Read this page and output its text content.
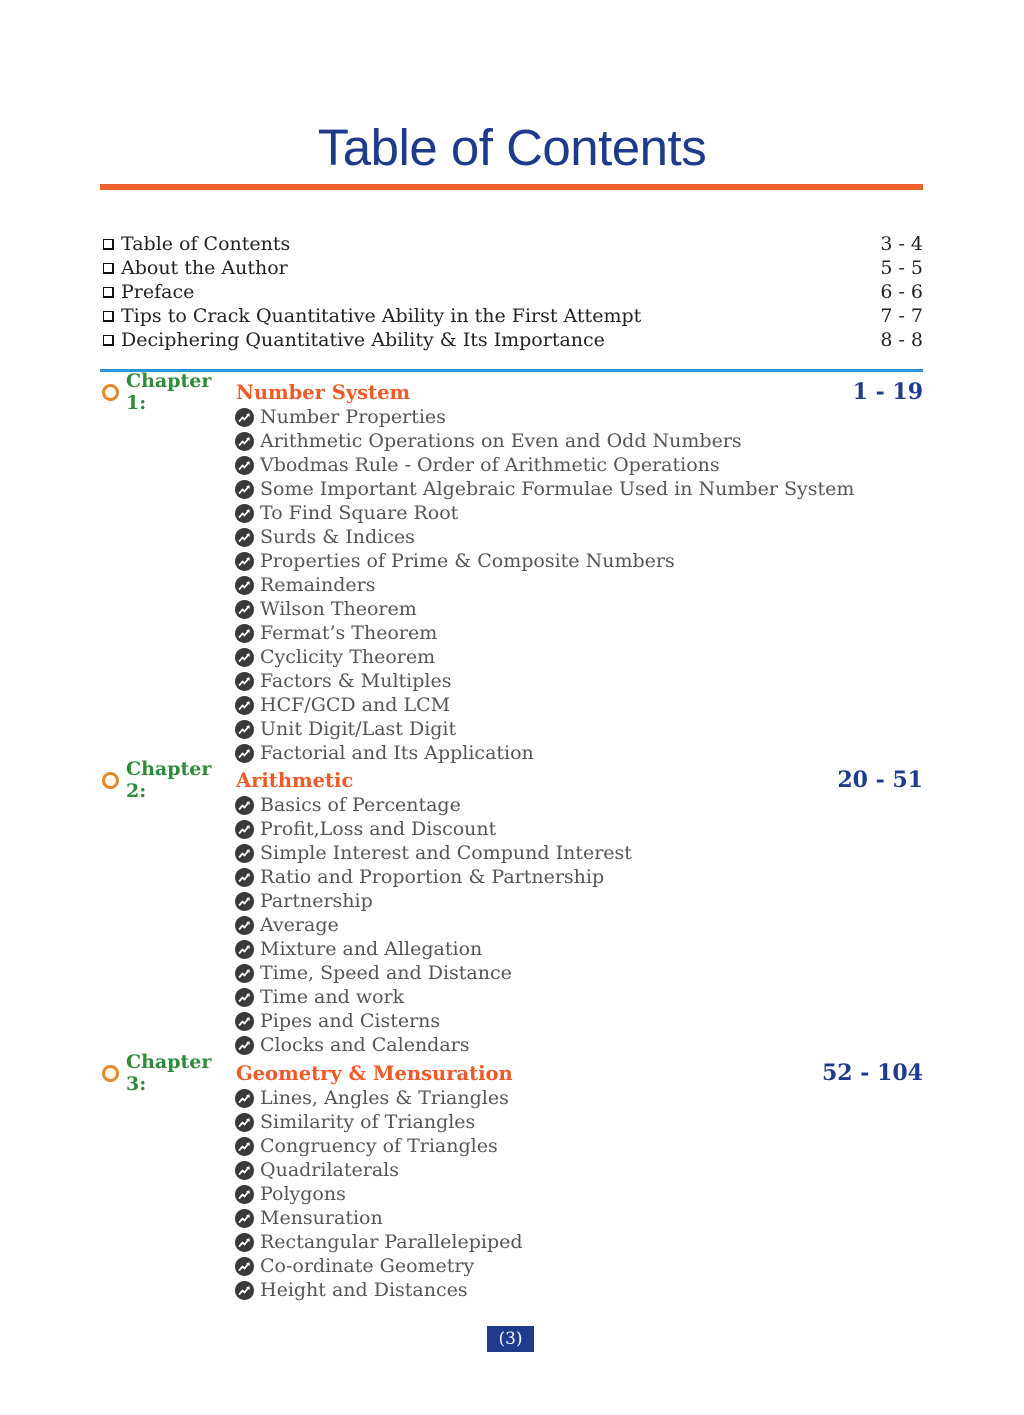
Table of Contents
Table of Contents	3 - 4
About the Author	5 - 5
Preface	6 - 6
Tips to Crack Quantitative Ability in the First Attempt	7 - 7
Deciphering Quantitative Ability & Its Importance	8 - 8
Chapter 1:	Number System	1 - 19
Number Properties
Arithmetic Operations on Even and Odd Numbers
Vbodmas Rule - Order of Arithmetic Operations
Some Important Algebraic Formulae Used in Number System
To Find Square Root
Surds & Indices
Properties of Prime & Composite Numbers
Remainders
Wilson Theorem
Fermat’s Theorem
Cyclicity Theorem
Factors & Multiples
HCF/GCD and LCM
Unit Digit/Last Digit
Factorial and Its Application
Chapter 2:	Arithmetic	20 - 51
Basics of Percentage
Profit,Loss and Discount
Simple Interest and Compund Interest
Ratio and Proportion & Partnership
Partnership
Average
Mixture and Allegation
Time, Speed and Distance
Time and work
Pipes and Cisterns
Clocks and Calendars
Chapter 3:	Geometry & Mensuration	52 - 104
Lines, Angles & Triangles
Similarity of Triangles
Congruency of Triangles
Quadrilaterals
Polygons
Mensuration
Rectangular Parallelepiped
Co-ordinate Geometry
Height and Distances
(3)
